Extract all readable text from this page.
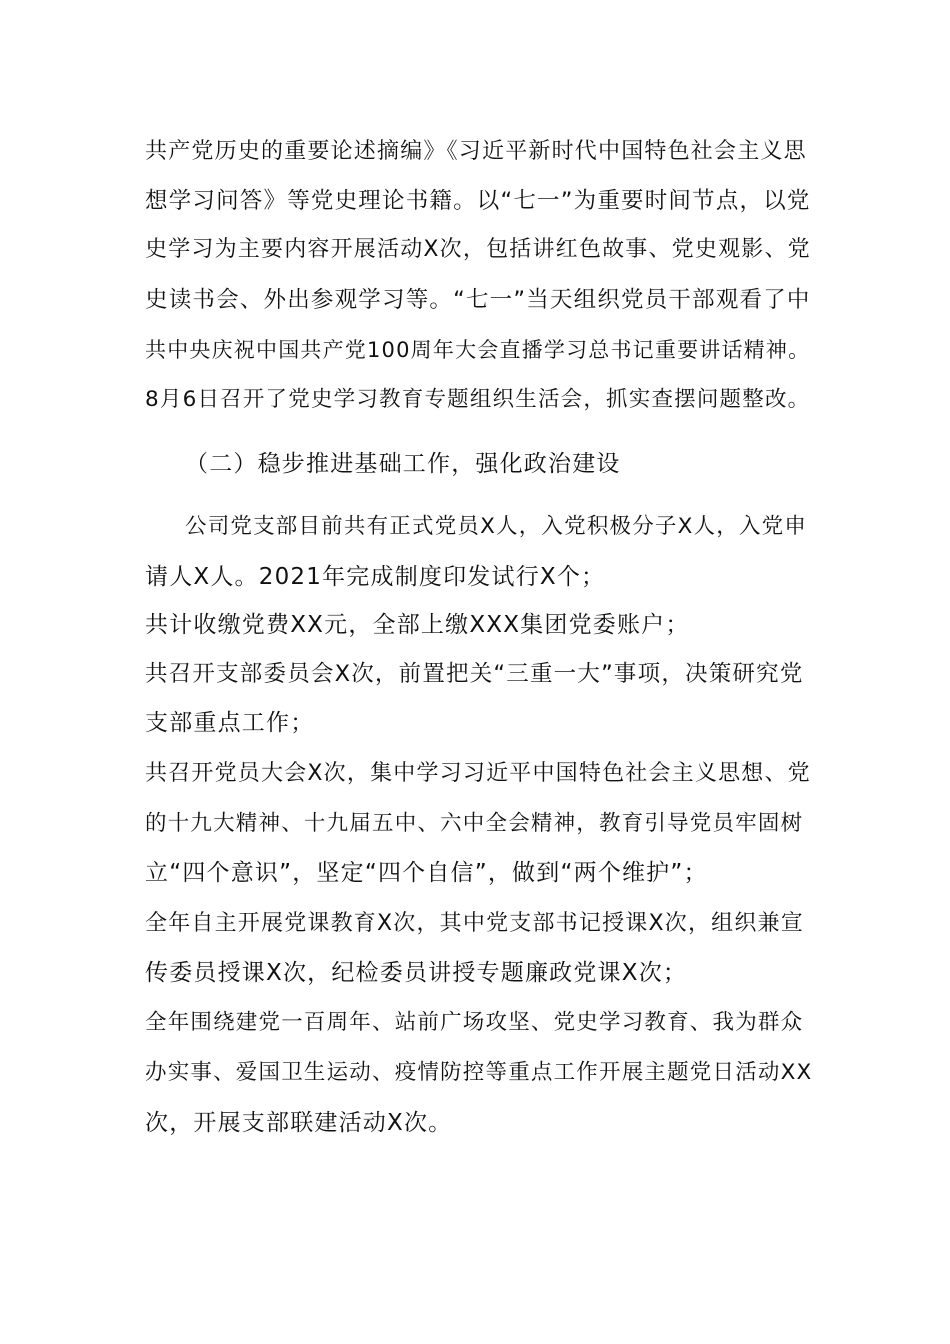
共产党历史的重要论述摘编》《习近平新时代中国特色社会主义思
想学习问答》等党史理论书籍。以“七一”为重要时间节点，以党
史学习为主要内容开展活动X次，包括讲红色故事、党史观影、党
史读书会、外出参观学习等。“七一”当天组织党员干部观看了中
共中央庆祝中国共产党100周年大会直播学习总书记重要讲话精神。
8月6日召开了党史学习教育专题组织生活会，抓实查摆问题整改。
（二）稳步推进基础工作，强化政治建设
公司党支部目前共有正式党员X人，入党积极分子X人，入党申
请人X人。2021年完成制度印发试行X个；
共计收缴党费XX元，全部上缴XXX集团党委账户；
共召开支部委员会X次，前置把关“三重一大”事项，决策研究党
支部重点工作；
共召开党员大会X次，集中学习习近平中国特色社会主义思想、党
的十九大精神、十九届五中、六中全会精神，教育引导党员牢固树
立“四个意识”，坚定“四个自信”，做到“两个维护”；
全年自主开展党课教育X次，其中党支部书记授课X次，组织兼宣
传委员授课X次，纪检委员讲授专题廉政党课X次；
全年围绕建党一百周年、站前广场攻坚、党史学习教育、我为群众
办实事、爱国卫生运动、疫情防控等重点工作开展主题党日活动XX
次，开展支部联建活动X次。
